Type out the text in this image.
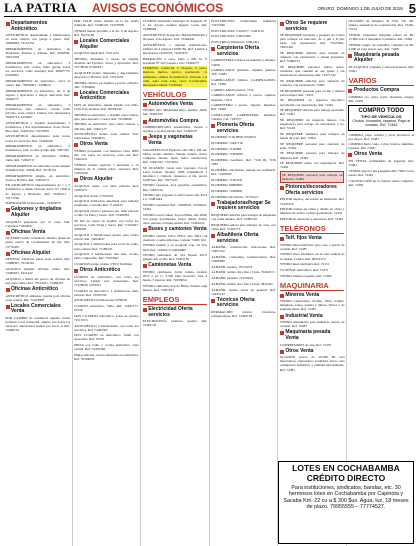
LA PATRIA	AVISOS ECONÓMICOS	ORURO, DOMINGO 1 DE JULIO DE 2018 5
Departamentos Anticrético

ANTICRÉTICO departamento y habitaciones en zona central, con garaje a gusto. Telf. 76840063, 72112234

DEPARTAMENTO en anticrético en Presidente Montes y Aldana, Ref. 4292836, 76613356

DEPARTAMENTO en anticrético, 3 dormitorios, sala, cocina, baño, garaje, todos los servicios. Calle Azurduy, Ref. 69997773, 65429991

DEPARTAMENTO en anticrético, cerca al centro. Ref. 76040003 - 5258910

DEPARTAMENTO en anticrético, Av. 6 de Agosto y Ayacucho, a mayor anticresis. Ref. 76404777

DEPARTAMENTO en anticrético, 2 dormitorios, sala comedor, cocina, baño privado, zona central. Llamar solo interesados 76403713, 6159207

ANTICRÉTICO o alquiler departamento 3 dormitorios y dos departamentos. Zona Norte. Pino. Ref. 72403104, 72233959

ANTICRÉTICO departamento zona norte, todos los servicios. Ref. 72402026

DEPARTAMENTO en anticrético, 2 dormitorios, sala, cocina, garaje. Ref. 5287345

DEPARTAMENTO en anticrético Oblitas, Junín. Ref. 72462717

DEPARTAMENTO en anticrético zona antiguo Terminal, Ref. 25846, Ref. 76136116

DEPARTAMENTO amplio, en anticrético Tacna y Bolívar. Ref. 72404153

EN ANTICRÉTICO Departamentos de 1 y 2 dormitorios a dueño ubicado Sucre N° 1308 A de Agosto y Backovic. Ref. 72460111 - 76171766

HABITACIÓN Sobrevenida - 72465070

Galpones y tinglados Alquiler

ALQUILO galponera por la zona Sud. Celulares 72404051

Oficinas Venta

OCASIÓN vendo consultorio médico dental en pleno centro de Cochabamba 49 m2. Ref. 72776435

Oficinas Alquiler

OFICINA: Sindicato ideal, zona central. Ref. 72468397, 76136161

ALQUILO amplias oficinas centro. Ref. 72485637, 5221422

ALQUILO a mitad del precio de oficinas en una zona centro Ref. 70513021, 72466316

Oficinas Anticrético

ANTICRÉTICO ambiente grande para oficina zona central. Ref. 72104508

Locales Comerciales Venta

POR CAMBIO de residencia urgente vendo hermoso local comercial, amplio con todos los servicios. Interesados llamar por favor al Telf. 72469134

POR VIAJE vendo tiendas en la Av. Adela Zamudio. Ref. 72460125, 72475008

VENDO tienda próxima a la Av. 6 de Agosto. Ref. 76151168

Locales Comerciales Alquiler

ALQUILO tienda Ref. 72511161

TIENDA, mezanine y cuarto de alquiler Avenida del Ejército, Sucre y Ayacucho. Ref. 52778918, 67300031

ALQUILER tienda, mezanine y departamento Ayacucho y Bolívar. Telf. 72512233

TIENDA céntrica en alquiler a precio cómodo. Telf. 71300466

Locales Comerciales Anticrético

DOY en anticrético tienda amplia con baño, Calle 6 de Octubre. Ref. 69594342

TIENDA en anticrético o alquiler zona central, apto para deposito o venta. Ref. 76130096

TIENDA en anticrético para varios rubros, a 200 mts. Ref. 72401127

ANTICRÉTICO tienda zona central. Solo interesados. 72463823

Otros Venta

VENDO propiedad, con hermosa vista, 8000 m2, con todos los servicios, zona sud. Ref. 72404121

VENDO terreno agrícola 5 hectáreas a 15 minutos de la ciudad sobre carretera. Ref. 72455566

Otros Alquiler

ALQUILO cuarto con baño privado. Ref. 72465271

ALQUILO cuarto 77165478

ALQUILO habitación amoblada para señorita estudiante, con baño Ref. 71120333

ALQUILO cuarto a persona sola, baño privado a calle. La Plata y Sucre. Telf. 72450081

SE DA en cuarto en alquiler con todos los servicios, Calle Tarija y Sucre. Ref. 71102947, 5258916

ALQUILO 2 habitaciones juntas, para varios rubros. Ref. 74004047

ALQUILO 2 habitaciones para local de venta, zona central. Ref. 71186545

ALQUILO 2 habitaciones una sala, cocina, baño compartido. Ref. 72104561

CUARTOS garaje, planta. VIVO Terminal

Otros Anticrético

CUARTO en anticrético, con todos los servicios. Llamar solo interesados. Ref. 71178040, 5253421

CUARTO en anticrético, 2 dormitorios, baño privado. Ref. 72455558

ANTICRÉTICO habitaciones 5258945

CUARTO anticrético, Valle. Ref. 72461177, 67230

DOY CUARTOS anticrético. Lotes de cuartos 72115555

ANTICRÉTICO 2 habitaciones, con todos los servicios. Ref. 72463307

DOY CUARTO en anticrético, Junín con Ayacucho. Ref. 52555

PIEZA con baño y cocina anticrético zona central. Ref. 72455566

PARA señorita, cuarto amoblado en anticrético. Ref. 76104033

CUARTO anticrético Pedregal de Sapiquia N° 4, Av. Agosto esquina Ignacio León. Ref. 72408904

ANTICRÉTICO de Agosto, Hernán Ballivián y Oropeza, 6 de Agosto. Telf. 72494443

ANTICRÉTICO o alquiler habitaciones, edificio de 4 plantas 10.000 Bs. Ref. Llamar a interesados 72455555, 76165333

BARRACÓN a cona, baño a 600 m. Y Gardenia N° 225 Lupata a sólo 72402277

TERRENO comercial 2 bloques, 4 pisos, mayores metros, precios ponderado. 14 ambientes, señales de habitación. Ubicado a la calle, zona Cala Cala, cerca Cochabamba. Interesados llamar 71196616

VEHÍCULOS
Automóviles Venta

VENDO auto Mitsubishi Rejo, modelo 2004, full. 72461045

Automóviles Compra

COMPRO/RECOJO automóviles, chutos o rayados y en mal estado. Ref. 72463107

Jeeps y vagonetas Venta

VAGONETA Ford Explorer, año 2001, full aut. Varias recién cambios. Vender, batería, motor completo, llantas, tapiz, radio, calefacción. Ref. 72461025, 72473014

SE OCASIÓN vendo una vagoneta Toyota Land Cruiser modelo 1980 rehabilitada a mecánica y cómoda, repuestos al día, precio 6.000 $us. Ref. 70573125

VENDO vagoneta, 4x4, gasolina, automática. Ref. 72462124

VENDO una vagoneta Land Cruiser año 2014 a 2. 72481444

VENDO vagonetas Ref. 72458010, 72503621, 74461

VENDO Land Cruiser Toyota Hilux, año 2009, con garaje documentos, motor diésel, Tacna, cinco puertas, en buen estado, Ref. 72461016

Buses y camiones Venta

VENDO camión Volvo FH12, año 2004 con cuadrado o semi-remolque. Celular 72405 102

VENDO camión y su acoplado Cap. 32 Ton, mod. Ref. 72461013, 69230080

VENDO camioneta de 5x4 Nissan 2013, guinea sólo el año, Ref. 72401150

Camionetas Venta

VENDO camioneta, doble cabina, modelo 2013 a su cc, 3.500 kms recorrido, 4x4, 4 buena, 5 puertas. Ref. 72458054

VENDO camioneta Toyota Hilux, modelo aqui mejora. Ref. 72461021

EMPLEOS
Electricidad Oferta servicios

ELECTRICISTA, plomero, gasista. Ref. 72462143

ELECTRICISTA domiciliario industrial 72255466

ELECTRICISTA 71102477, 72401152

ELECTRICISTA 710051966

ELECTRICO Industrial. 72481491

Carpintería Oferta servicios

CARPINTERÍA trabajos en muebles y madera. 72496

CARPILLANOS planchas, cúpulas, puertas. Telf. 72481

CARPILLANOS vidriera, CAMPILLANOS. Ref. 72481

CARPILLANOS puertas. 7152

CARPILLANOS vidriera a precio, cúpulas, muebles. 72411

CARPINTERO a precio, cúpulas, muebles. Ref. 72481

CAPILLANOS CARPINTERO, muebles, vidriera. Cel. 7185577

Plomería Oferta servicios

PLOMERO 7149 8859, 6323051

PLOMERO. 74447116

PLOMERO. 7140068

PLOMERO. 71906960

PLOMERO, Gasfitero, Ref. 7149 49, 7136 5963

PLOMERO, electricista, trabajos de Gasfitería, Ref. 71403000

PLOMERO. 71403321

PLOMERO. 69680967

PLOMERO. 72480081

PLOMERO electricista. 73153121

Trabajadoras/hogar Se requiere servicios

REQUIERO señorita para trabajar de empleada con cama adentro. Ref. 72485130

REQUIERO señora para trabajos de casa, con cama. Ref. 72403175

Albañilería Oferta servicios

ALBAÑIL, construcción, refacciones. Ref. 72401122

ALBAÑIL, contratista, construcciones. Ref. 72466060

ALBAÑIL experto. 76131074

ALBAÑIL realiza obra fina y bruta. 72404313

ALBAÑIL plomero 72152950

ALBAÑIL realiza obra fina y bruta. 4811092

ALBAÑIL realizo obras en general. Ref. 72445122

Técnicos Oferta servicios

REPARACIÓN técnico lavadoras, refrigeradores, Ref. 72462104

Otros Se requiere servicios

SE REQUIERE ayudante o pasajera de cocina para trabajar en mercado, de 2 pm a 8 pm, edad, con experiencia, Ref. 76125461, 76421491

SE REQUIERE señorita para trabajar en cafetería con experiencia y buena presencia. Ref. 72486133

SE REQUIERE personal ambos sexos, vendedor, que cuenten en sus ganas y sin experiencias, interesados, Ref. 72471742

SE REQUIERE señorita para atención de comedor, con experiencia. 72481

SE REQUIERE personal para cocina y mesera para trabajar. Ref. 72451

SE REQUIERE de urgencia mecánico automotriz con experiencia. Ref. 72461

SE REQUIERE señorita para trabajo en tienda. Ref. 72401

SE REQUIERE de urgencia mesero con experiencia para trabajo en restaurante y no. Ref. 72148

SE REQUIERE vendedor para trabajar en tienda de ropa. Ref. 72402

SE REQUIERE personal para atención de sello. 72402

SE REQUIERE persona para trabajos de limpieza. Ref. 72481

SE REQUIERE sastre con experiencia. Ref. 72481

SE REQUIERE personal para trabajar en farmacia, 72484
Pintores/decoradores Oferta servicios

PINTOR experto, decorador en interiores. Ref. 72455516

PINTOR trabajo en calles y diseño en obras y limpieza de vidrio, trabajo garantizado. 72151

PINTOR en interiores y exteriores. Ref. 72481

TELÉFONOS
Telf. fijos Venta

VENDO línea telefónica para casa, a precio de ocasión. Ref. 72487

VENDO línea telefónica en la zona central de la ciudad. Celular. Ref. 69552153

VENDO línea telefónica Ref. 72151

TV/SEÑAL anticrético, Ref. 72473

VENDO teléfono urgente. Ref. 72483

MAQUINARIA
Mineros Venta

VENDO Chancadora, molino, filtro, bomba, máquinas, saltos, batería y dinero. Varios y de segunda mano. Ref. 72407

Industrial Venta

VENDO maquinaria para industria, precio de ocasión. Ref. 72481

Maquinaria pesada Venta

COMPRESORES de aire, Ref. 72470

Otros Venta

OCASIÓN precio de 20.000 Bs una mezcladora, chancadora, soldadora, fierro, una compresora industrial, y también herramientas. Ref. 72481

OCASIÓN de máquina de 37m. 33l, 56l. Quiera, pensadora de construcción, Ref. 72481, 73154

VENDO cualquiera máquina entera en Bs. 15.000 todo 3 máquinas 3 pulidora. Ref. 72481

VENDO equipo de soldadura completo en Bs. 2.000 en todo precio solo. Ref. 72481

Maquinaria pesada Alquiler

SE ALQUILA volqueta y retroexcavadora. Ref. 72401

VARIOS
Productos Compra

COMPRO oro, plata, joyas, monedas, relojes. Ref. 72481

COMPRO TODO
TIPO DE VEHÍCULOS
Chutos, chocados, rayados. Pago al contado. Ref. 72481

COMPRO, papa, cebolla y otros productos al por mayor. Ref. 72481

COMPRO fierro viejo, cobre, bronce, aluminio, baterías. Ref. 72481

Otros Venta

EN VENTA combustible de segunda. Ref. 72481

VENDO negocio del Lengüete Alto 7000 con tu estufa. Ref. 72481

CALEFACCIÓN en la ciudad, vendo completo. Ref. 72481

LOTES EN COCHABAMBA CRÉDITO DIRECTO
Para instituciones, sindicatos, bandas, etc. 30 hermosos lotes en Cochabamba por Capinota y Sacaba Km. 22 cu a $ 300 $us. Agua, luz, 18 meses de plazo. 79955555 – 77774527.
